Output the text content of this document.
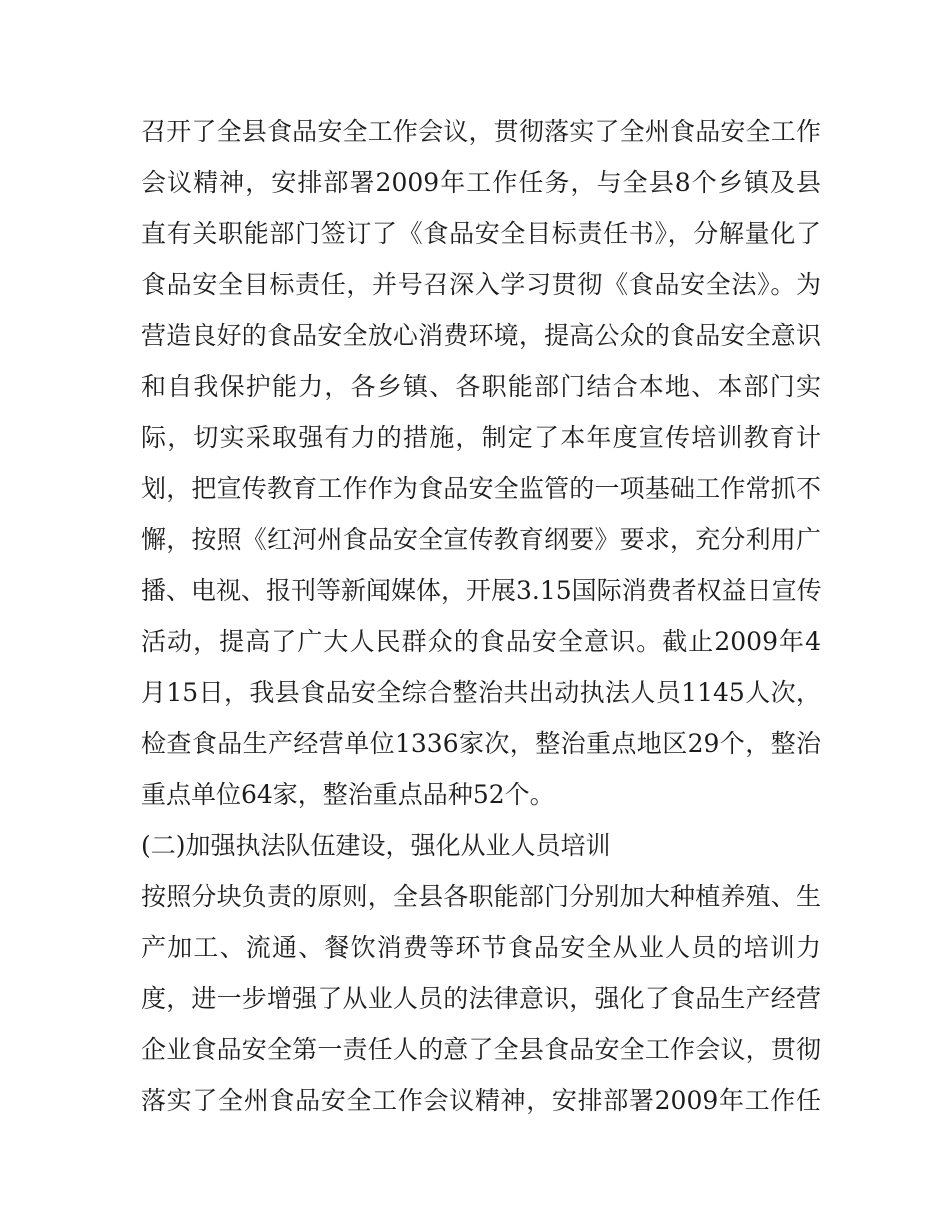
召开了全县食品安全工作会议，贯彻落实了全州食品安全工作
会议精神，安排部署2009年工作任务，与全县8个乡镇及县
直有关职能部门签订了《食品安全目标责任书》，分解量化了
食品安全目标责任，并号召深入学习贯彻《食品安全法》。为
营造良好的食品安全放心消费环境，提高公众的食品安全意识
和自我保护能力，各乡镇、各职能部门结合本地、本部门实
际，切实采取强有力的措施，制定了本年度宣传培训教育计
划，把宣传教育工作作为食品安全监管的一项基础工作常抓不
懈，按照《红河州食品安全宣传教育纲要》要求，充分利用广
播、电视、报刊等新闻媒体，开展3.15国际消费者权益日宣传
活动，提高了广大人民群众的食品安全意识。截止2009年4
月15日，我县食品安全综合整治共出动执法人员1145人次，
检查食品生产经营单位1336家次，整治重点地区29个，整治
重点单位64家，整治重点品种52个。
(二)加强执法队伍建设，强化从业人员培训
按照分块负责的原则，全县各职能部门分别加大种植养殖、生
产加工、流通、餐饮消费等环节食品安全从业人员的培训力
度，进一步增强了从业人员的法律意识，强化了食品生产经营
企业食品安全第一责任人的意了全县食品安全工作会议，贯彻
落实了全州食品安全工作会议精神，安排部署2009年工作任
